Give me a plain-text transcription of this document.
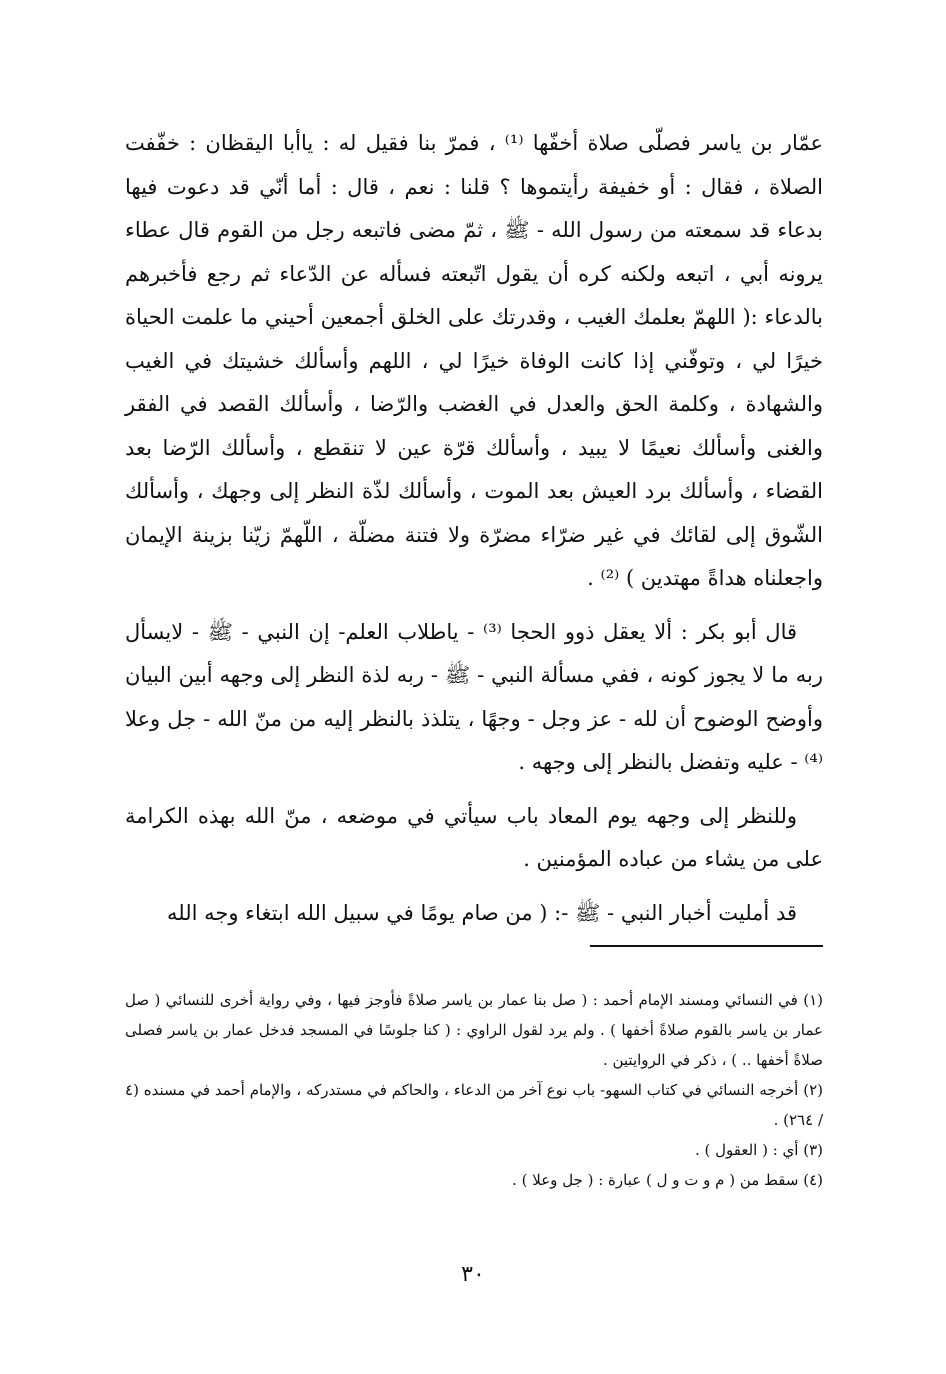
عمّار بن ياسر فصلّى صلاة أخفّها ⁽¹⁾ ، فمرّ بنا فقيل له : ياأبا اليقظان : خفّفت الصلاة ، فقال : أو خفيفة رأيتموها ؟ قلنا : نعم ، قال : أما أنّي قد دعوت فيها بدعاء قد سمعته من رسول الله - ﷺ ، ثمّ مضى فاتبعه رجل من القوم قال عطاء يرونه أبي ، اتبعه ولكنه كره أن يقول اتّبعته فسأله عن الدّعاء ثم رجع فأخبرهم بالدعاء :( اللهمّ بعلمك الغيب ، وقدرتك على الخلق أجمعين أحيني ما علمت الحياة خيرًا لي ، وتوفّني إذا كانت الوفاة خيرًا لي ، اللهم وأسألك خشيتك في الغيب والشهادة ، وكلمة الحق والعدل في الغضب والرّضا ، وأسألك القصد في الفقر والغنى وأسألك نعيمًا لا يبيد ، وأسألك قرّة عين لا تنقطع ، وأسألك الرّضا بعد القضاء ، وأسألك برد العيش بعد الموت ، وأسألك لذّة النظر إلى وجهك ، وأسألك الشّوق إلى لقائك في غير ضرّاء مضرّة ولا فتنة مضلّة ، اللّهمّ زيّنا بزينة الإيمان واجعلناه هداةً مهتدين ) ⁽²⁾ .

قال أبو بكر : ألا يعقل ذوو الحجا ⁽³⁾ - ياطلاب العلم- إن النبي - ﷺ - لايسأل ربه ما لا يجوز كونه ، ففي مسألة النبي - ﷺ - ربه لذة النظر إلى وجهه أبين البيان وأوضح الوضوح أن لله - عز وجل - وجهًا ، يتلذذ بالنظر إليه من منّ الله - جل وعلا ⁽⁴⁾ - عليه وتفضل بالنظر إلى وجهه .

وللنظر إلى وجهه يوم المعاد باب سيأتي في موضعه ، منّ الله بهذه الكرامة على من يشاء من عباده المؤمنين .

قد أمليت أخبار النبي - ﷺ -: ( من صام يومًا في سبيل الله ابتغاء وجه الله

(١) في النسائي ومسند الإمام أحمد : ( صل بنا عمار بن ياسر صلاةً فأوجز فيها ، وفي رواية أخرى للنسائي ( صل عمار بن ياسر بالقوم صلاةً أخفها ) . ولم يرد لقول الراوي : ( كنا جلوسًا في المسجد فدخل عمار بن ياسر فصلى صلاةً أخفها .. ) ، ذكر في الروايتين .

(٢) أخرجه النسائي في كتاب السهو- باب نوع آخر من الدعاء ، والحاكم في مستدركه ، والإمام أحمد في مسنده (٤ / ٢٦٤) .

(٣) أي : ( العقول ) .

(٤) سقط من ( م و ت و ل ) عبارة : ( جل وعلا ) .

٣٠
